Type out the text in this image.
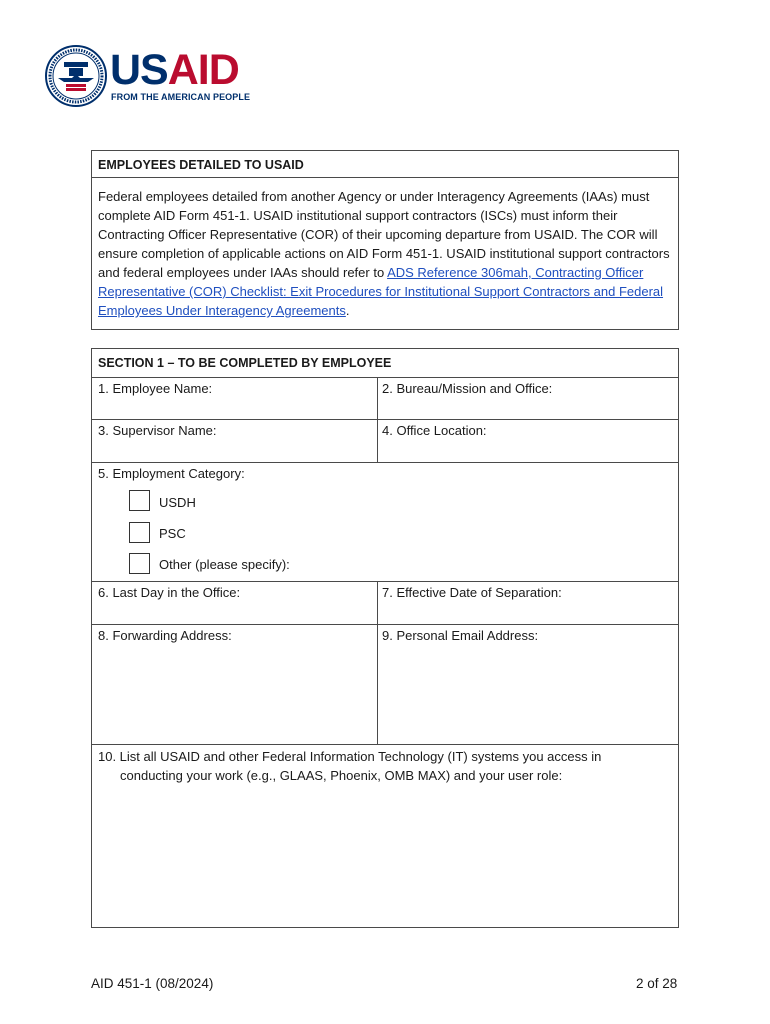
USAID
FROM THE AMERICAN PEOPLE
EMPLOYEES DETAILED TO USAID
Federal employees detailed from another Agency or under Interagency Agreements (IAAs) must complete AID Form 451-1. USAID institutional support contractors (ISCs) must inform their Contracting Officer Representative (COR) of their upcoming departure from USAID. The COR will ensure completion of applicable actions on AID Form 451-1. USAID institutional support contractors and federal employees under IAAs should refer to ADS Reference 306mah, Contracting Officer Representative (COR) Checklist: Exit Procedures for Institutional Support Contractors and Federal Employees Under Interagency Agreements.
SECTION 1 – TO BE COMPLETED BY EMPLOYEE
1. Employee Name:	2. Bureau/Mission and Office:
3. Supervisor Name:	4. Office Location:
5. Employment Category:
USDH
PSC
Other (please specify):
6. Last Day in the Office:	7. Effective Date of Separation:
8. Forwarding Address:	9. Personal Email Address:
10. List all USAID and other Federal Information Technology (IT) systems you access in
conducting your work (e.g., GLAAS, Phoenix, OMB MAX) and your user role:
AID 451-1 (08/2024)	2 of 28
